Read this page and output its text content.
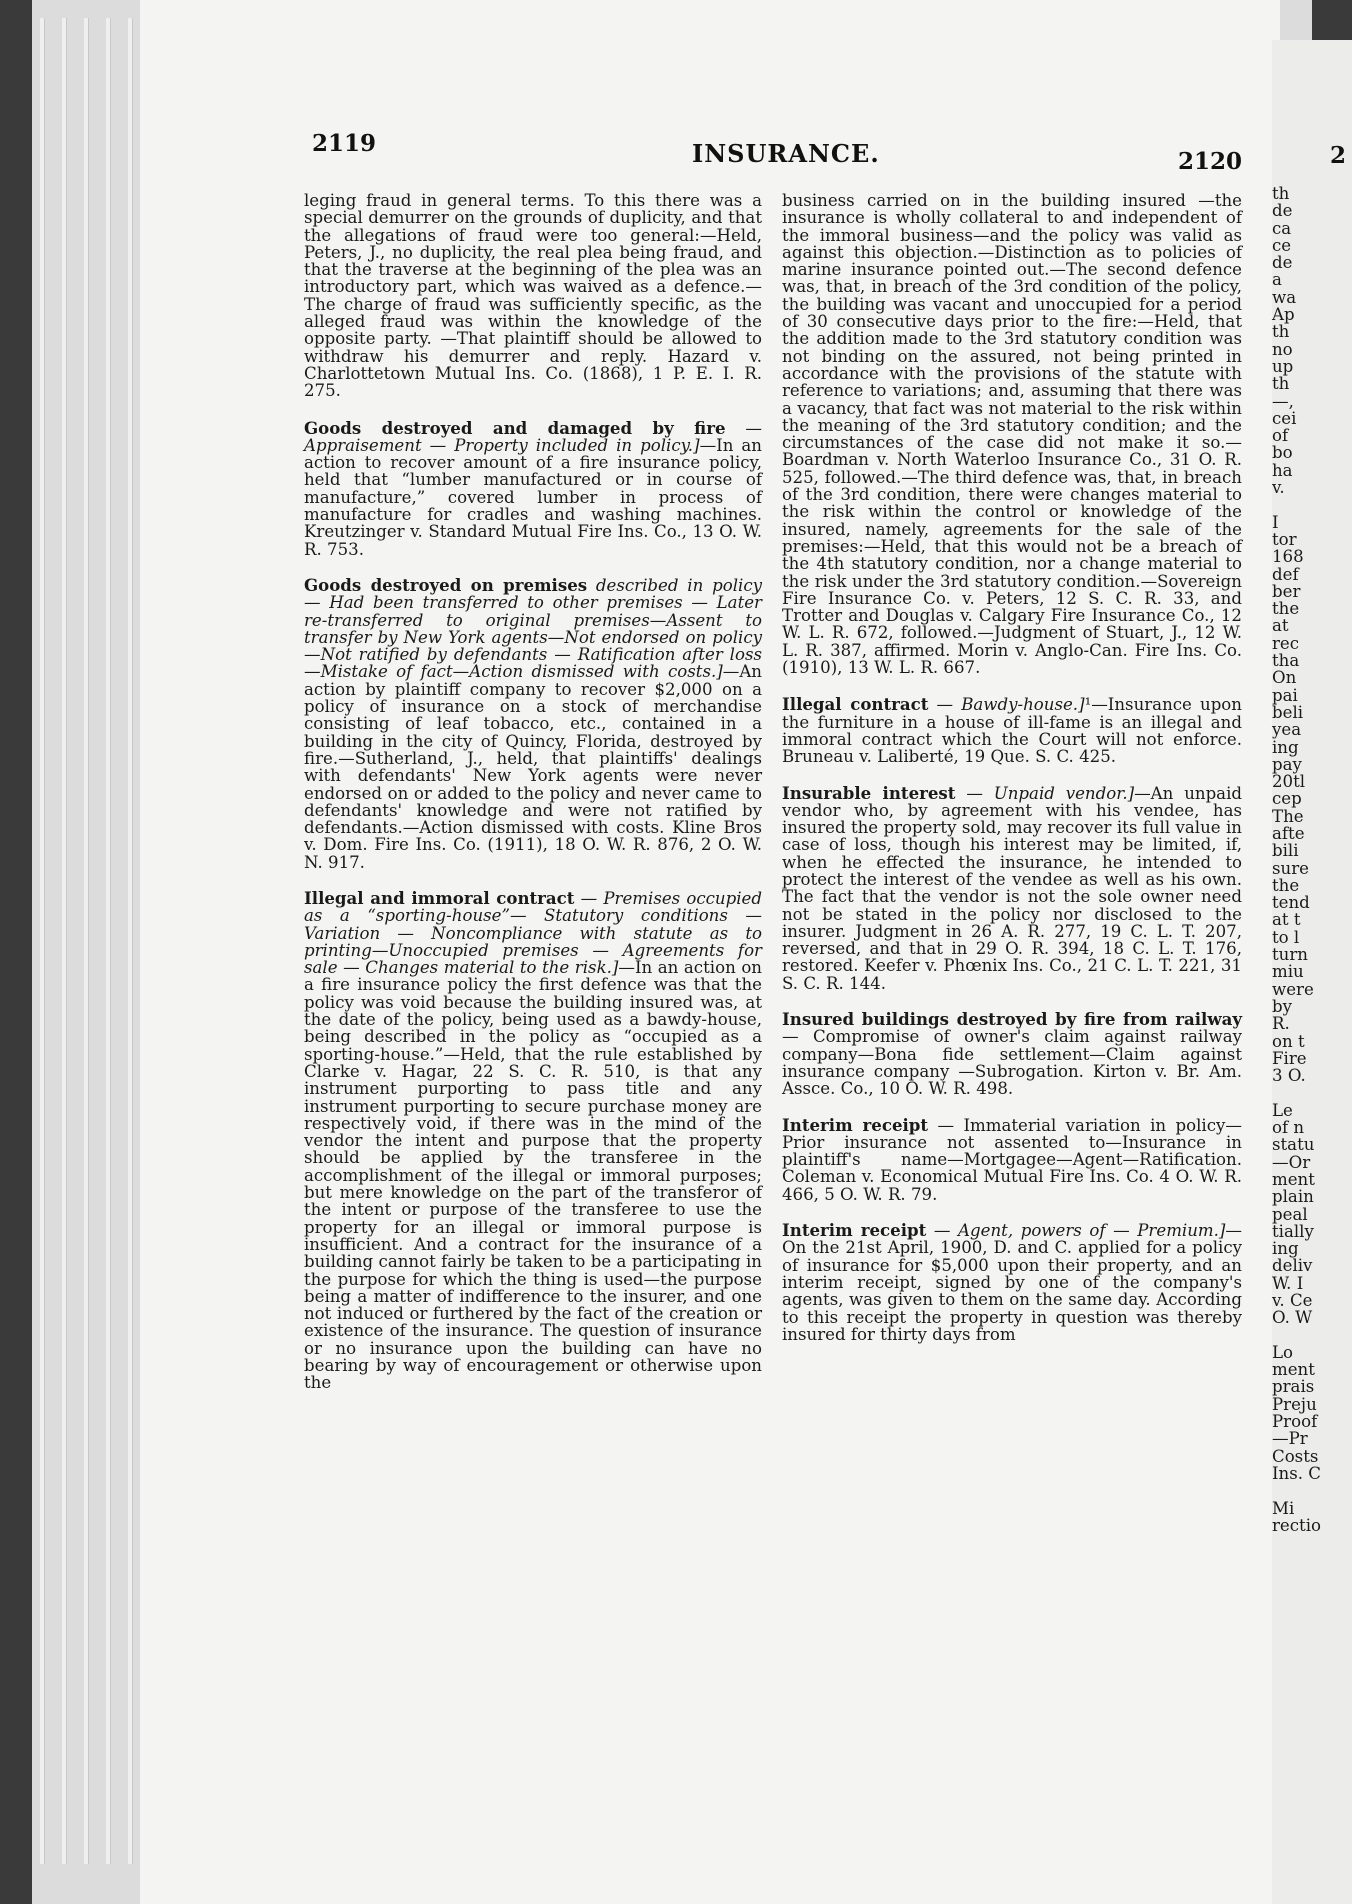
2119	INSURANCE.	2120	2
leging fraud in general terms. To this there was a special demurrer on the grounds of duplicity, and that the allegations of fraud were too general:—Held, Peters, J., no duplicity, the real plea being fraud, and that the traverse at the beginning of the plea was an introductory part, which was waived as a defence.—The charge of fraud was sufficiently specific, as the alleged fraud was within the knowledge of the opposite party. —That plaintiff should be allowed to withdraw his demurrer and reply. Hazard v. Charlottetown Mutual Ins. Co. (1868), 1 P. E. I. R. 275.
Goods destroyed and damaged by fire — Appraisement — Property included in policy.]—In an action to recover amount of a fire insurance policy, held that “lumber manufactured or in course of manufacture,” covered lumber in process of manufacture for cradles and washing machines. Kreutzinger v. Standard Mutual Fire Ins. Co., 13 O. W. R. 753.
Goods destroyed on premises described in policy — Had been transferred to other premises — Later re-transferred to original premises—Assent to transfer by New York agents—Not endorsed on policy —Not ratified by defendants — Ratification after loss—Mistake of fact—Action dismissed with costs.]—An action by plaintiff company to recover $2,000 on a policy of insurance on a stock of merchandise consisting of leaf tobacco, etc., contained in a building in the city of Quincy, Florida, destroyed by fire.—Sutherland, J., held, that plaintiffs' dealings with defendants' New York agents were never endorsed on or added to the policy and never came to defendants' knowledge and were not ratified by defendants.—Action dismissed with costs. Kline Bros v. Dom. Fire Ins. Co. (1911), 18 O. W. R. 876, 2 O. W. N. 917.
Illegal and immoral contract — Premises occupied as a “sporting-house”— Statutory conditions — Variation — Noncompliance with statute as to printing—Unoccupied premises — Agreements for sale — Changes material to the risk.]—In an action on a fire insurance policy the first defence was that the policy was void because the building insured was, at the date of the policy, being used as a bawdy-house, being described in the policy as “occupied as a sporting-house.”—Held, that the rule established by Clarke v. Hagar, 22 S. C. R. 510, is that any instrument purporting to pass title and any instrument purporting to secure purchase money are respectively void, if there was in the mind of the vendor the intent and purpose that the property should be applied by the transferee in the accomplishment of the illegal or immoral purposes; but mere knowledge on the part of the transferor of the intent or purpose of the transferee to use the property for an illegal or immoral purpose is insufficient. And a contract for the insurance of a building cannot fairly be taken to be a participating in the purpose for which the thing is used—the purpose being a matter of indifference to the insurer, and one not induced or furthered by the fact of the creation or existence of the insurance. The question of insurance or no insurance upon the building can have no bearing by way of encouragement or otherwise upon the
business carried on in the building insured —the insurance is wholly collateral to and independent of the immoral business—and the policy was valid as against this objection.—Distinction as to policies of marine insurance pointed out.—The second defence was, that, in breach of the 3rd condition of the policy, the building was vacant and unoccupied for a period of 30 consecutive days prior to the fire:—Held, that the addition made to the 3rd statutory condition was not binding on the assured, not being printed in accordance with the provisions of the statute with reference to variations; and, assuming that there was a vacancy, that fact was not material to the risk within the meaning of the 3rd statutory condition; and the circumstances of the case did not make it so.—Boardman v. North Waterloo Insurance Co., 31 O. R. 525, followed.—The third defence was, that, in breach of the 3rd condition, there were changes material to the risk within the control or knowledge of the insured, namely, agreements for the sale of the premises:—Held, that this would not be a breach of the 4th statutory condition, nor a change material to the risk under the 3rd statutory condition.—Sovereign Fire Insurance Co. v. Peters, 12 S. C. R. 33, and Trotter and Douglas v. Calgary Fire Insurance Co., 12 W. L. R. 672, followed.—Judgment of Stuart, J., 12 W. L. R. 387, affirmed. Morin v. Anglo-Can. Fire Ins. Co. (1910), 13 W. L. R. 667.
Illegal contract — Bawdy-house.]¹—Insurance upon the furniture in a house of ill-fame is an illegal and immoral contract which the Court will not enforce. Bruneau v. Laliberté, 19 Que. S. C. 425.
Insurable interest — Unpaid vendor.]—An unpaid vendor who, by agreement with his vendee, has insured the property sold, may recover its full value in case of loss, though his interest may be limited, if, when he effected the insurance, he intended to protect the interest of the vendee as well as his own. The fact that the vendor is not the sole owner need not be stated in the policy nor disclosed to the insurer. Judgment in 26 A. R. 277, 19 C. L. T. 207, reversed, and that in 29 O. R. 394, 18 C. L. T. 176, restored. Keefer v. Phœnix Ins. Co., 21 C. L. T. 221, 31 S. C. R. 144.
Insured buildings destroyed by fire from railway — Compromise of owner's claim against railway company—Bona fide settlement—Claim against insurance company —Subrogation. Kirton v. Br. Am. Assce. Co., 10 O. W. R. 498.
Interim receipt — Immaterial variation in policy—Prior insurance not assented to—Insurance in plaintiff's name—Mortgagee—Agent—Ratification. Coleman v. Economical Mutual Fire Ins. Co. 4 O. W. R. 466, 5 O. W. R. 79.
Interim receipt — Agent, powers of — Premium.]—On the 21st April, 1900, D. and C. applied for a policy of insurance for $5,000 upon their property, and an interim receipt, signed by one of the company's agents, was given to them on the same day. According to this receipt the property in question was thereby insured for thirty days from
th
de
ca
ce
de
a
wa
Ap
th
no
up
th
—,
cei
of
bo
ha
v.

I
tor
168
def
ber
the
at
rec
tha
On
pai
beli
yea
ing
pay
20tl
cep
The
afte
bili
sure
the
tend
at t
to l
turn
miu
were
by
R.
on t
Fire
3 O.

Le
of n
statu
—Or
ment
plain
peal
tially
ing
deliv
W. I
v. Ce
O. W

Lo
ment
prais
Preju
Proof
—Pr
Costs
Ins. C

Mi
rectio
